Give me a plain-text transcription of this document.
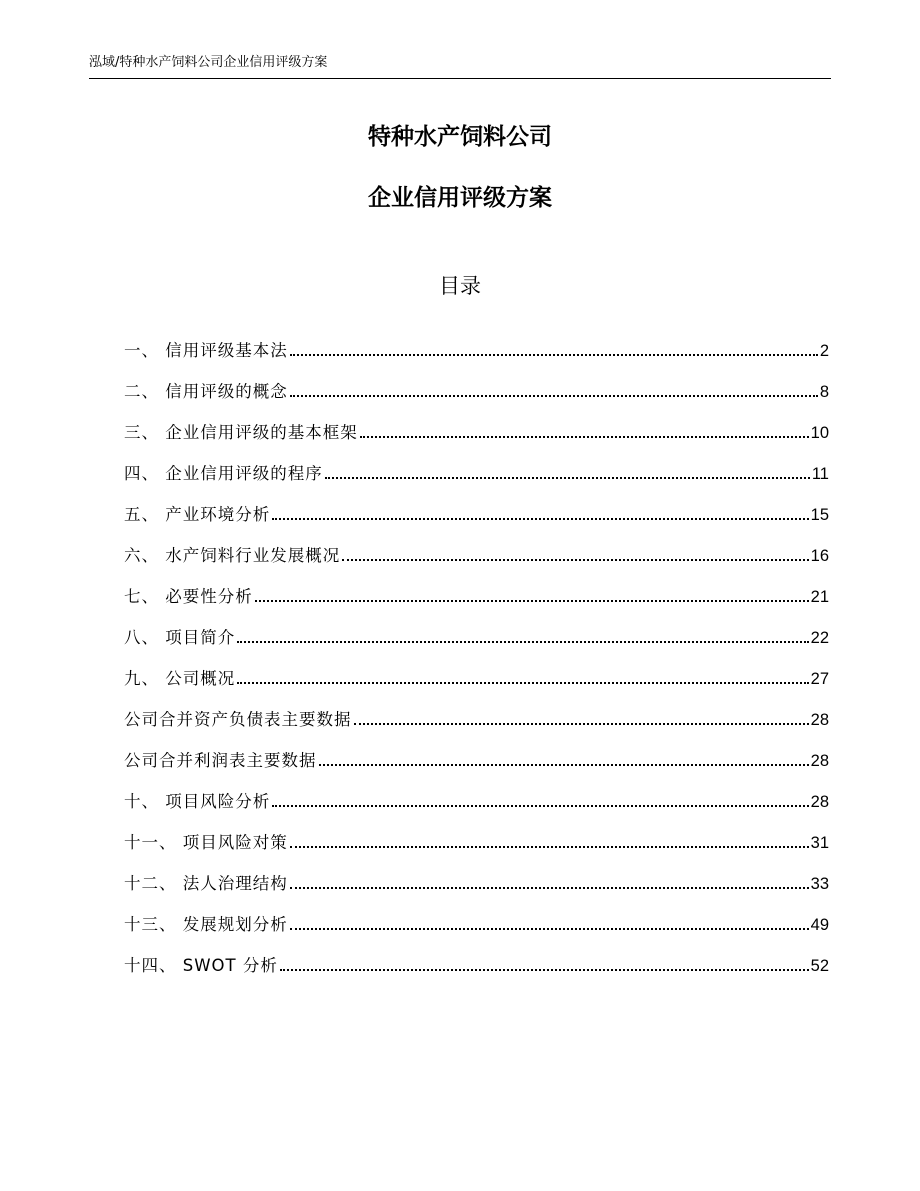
泓域/特种水产饲料公司企业信用评级方案
特种水产饲料公司
企业信用评级方案
目录
一、 信用评级基本法	2
二、 信用评级的概念	8
三、 企业信用评级的基本框架	10
四、 企业信用评级的程序	11
五、 产业环境分析	15
六、 水产饲料行业发展概况	16
七、 必要性分析	21
八、 项目简介	22
九、 公司概况	27
公司合并资产负债表主要数据	28
公司合并利润表主要数据	28
十、 项目风险分析	28
十一、 项目风险对策	31
十二、 法人治理结构	33
十三、 发展规划分析	49
十四、 SWOT 分析	52
